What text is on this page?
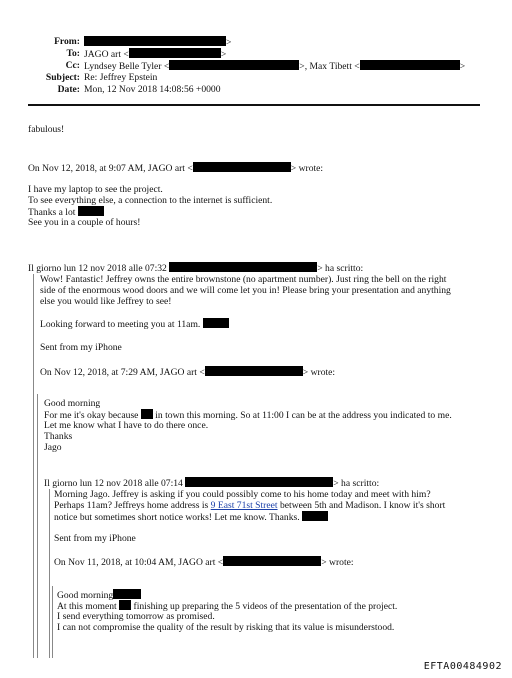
From:	>
To: JAGO art <	>
Cc: Lyndsey Belle Tyler <	>, Max Tibett <	>
Subject: Re: Jeffrey Epstein
Date: Mon, 12 Nov 2018 14:08:56 +0000
fabulous!
On Nov 12, 2018, at 9:07 AM, JAGO art <	> wrote:
I have my laptop to see the project.
To see everything else, a connection to the internet is sufficient.
Thanks a lot
See you in a couple of hours!
Il giorno lun 12 nov 2018 alle 07:32	> ha scritto:
Wow! Fantastic! Jeffrey owns the entire brownstone (no apartment number). Just ring the bell on the right
side of the enormous wood doors and we will come let you in! Please bring your presentation and anything
else you would like Jeffrey to see!
Looking forward to meeting you at 11am.
Sent from my iPhone
On Nov 12, 2018, at 7:29 AM, JAGO art <	> wrote:
Good morning
For me it's okay because in town this morning. So at 11:00 I can be at the address you indicated to me.
Let me know what I have to do there once.
Thanks
Jago
Il giorno lun 12 nov 2018 alle 07:14	> ha scritto:
Morning Jago. Jeffrey is asking if you could possibly come to his home today and meet with him?
Perhaps 11am? Jeffreys home address is 9 East 71st Street between 5th and Madison. I know it's short
notice but sometimes short notice works! Let me know. Thanks.
Sent from my iPhone
On Nov 11, 2018, at 10:04 AM, JAGO art <	> wrote:
Good morning
At this moment finishing up preparing the 5 videos of the presentation of the project.
I send everything tomorrow as promised.
I can not compromise the quality of the result by risking that its value is misunderstood.
EFTA00484902
